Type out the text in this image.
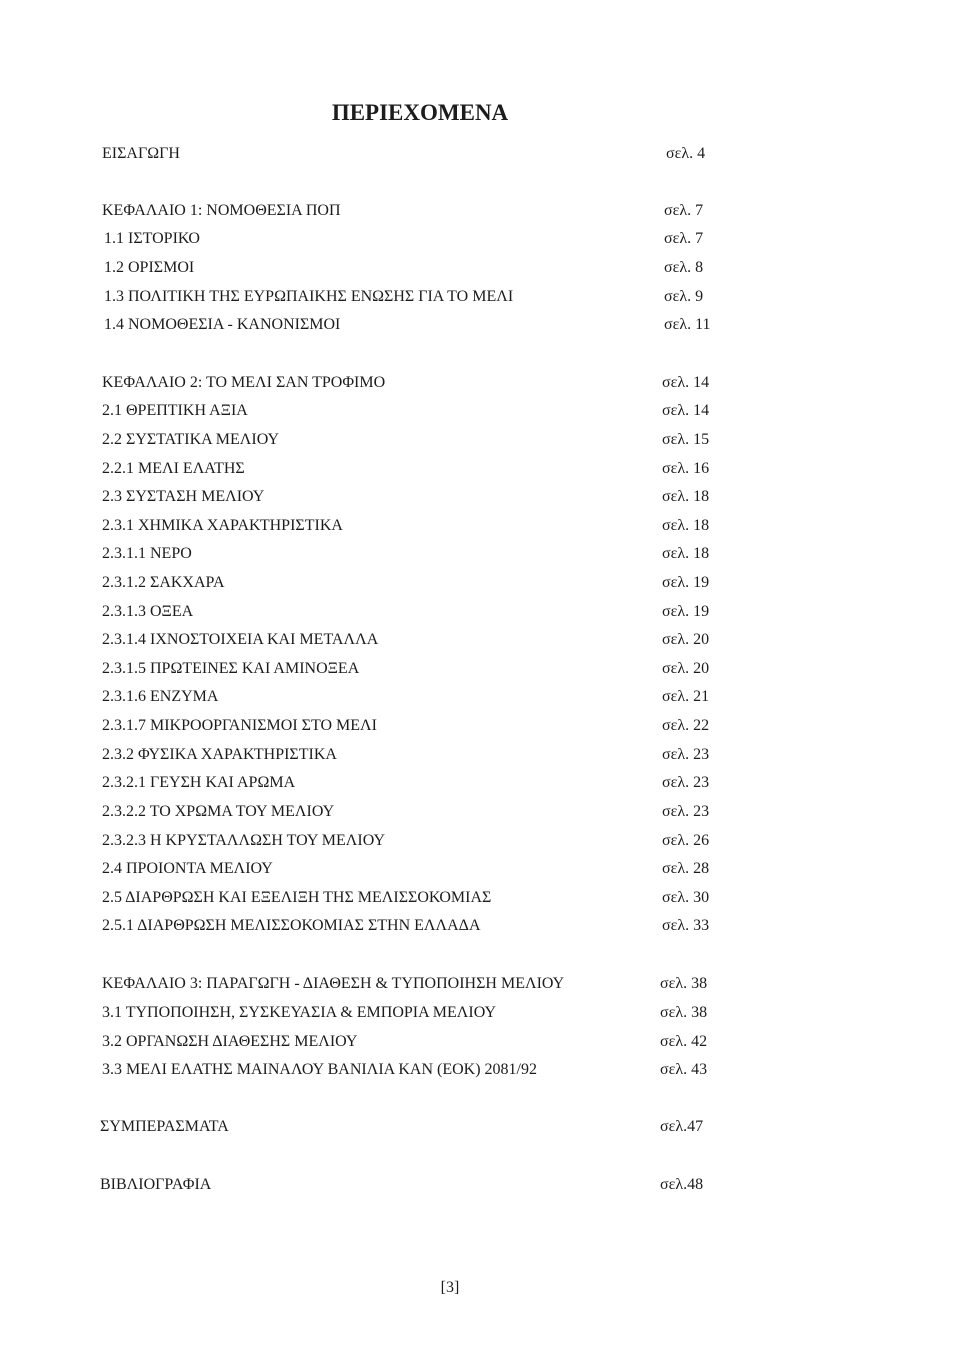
ΠΕΡΙΕΧΟΜΕΝΑ
ΕΙΣΑΓΩΓΗ	σελ. 4
ΚΕΦΑΛΑΙΟ 1: ΝΟΜΟΘΕΣΙΑ ΠΟΠ	σελ. 7
1.1 ΙΣΤΟΡΙΚΟ	σελ. 7
1.2 ΟΡΙΣΜΟΙ	σελ. 8
1.3 ΠΟΛΙΤΙΚΗ ΤΗΣ ΕΥΡΩΠΑΙΚΗΣ ΕΝΩΣΗΣ ΓΙΑ ΤΟ ΜΕΛΙ	σελ. 9
1.4 ΝΟΜΟΘΕΣΙΑ - ΚΑΝΟΝΙΣΜΟΙ	σελ. 11
ΚΕΦΑΛΑΙΟ 2: ΤΟ ΜΕΛΙ ΣΑΝ ΤΡΟΦΙΜΟ	σελ. 14
2.1 ΘΡΕΠΤΙΚΗ ΑΞΙΑ	σελ. 14
2.2 ΣΥΣΤΑΤΙΚΑ ΜΕΛΙΟΥ	σελ. 15
2.2.1 ΜΕΛΙ ΕΛΑΤΗΣ	σελ. 16
2.3 ΣΥΣΤΑΣΗ ΜΕΛΙΟΥ	σελ. 18
2.3.1 ΧΗΜΙΚΑ ΧΑΡΑΚΤΗΡΙΣΤΙΚΑ	σελ. 18
2.3.1.1 ΝΕΡΟ	σελ. 18
2.3.1.2 ΣΑΚΧΑΡΑ	σελ. 19
2.3.1.3 ΟΞΕΑ	σελ. 19
2.3.1.4 ΙΧΝΟΣΤΟΙΧΕΙΑ ΚΑΙ ΜΕΤΑΛΛΑ	σελ. 20
2.3.1.5 ΠΡΩΤΕΙΝΕΣ ΚΑΙ ΑΜΙΝΟΞΕΑ	σελ. 20
2.3.1.6 ΕΝΖΥΜΑ	σελ. 21
2.3.1.7 ΜΙΚΡΟΟΡΓΑΝΙΣΜΟΙ ΣΤΟ ΜΕΛΙ	σελ. 22
2.3.2 ΦΥΣΙΚΑ ΧΑΡΑΚΤΗΡΙΣΤΙΚΑ	σελ. 23
2.3.2.1 ΓΕΥΣΗ ΚΑΙ ΑΡΩΜΑ	σελ. 23
2.3.2.2 ΤΟ ΧΡΩΜΑ ΤΟΥ ΜΕΛΙΟΥ	σελ. 23
2.3.2.3 Η ΚΡΥΣΤΑΛΛΩΣΗ ΤΟΥ ΜΕΛΙΟΥ	σελ. 26
2.4 ΠΡΟΙΟΝΤΑ ΜΕΛΙΟΥ	σελ. 28
2.5 ΔΙΑΡΘΡΩΣΗ ΚΑΙ ΕΞΕΛΙΞΗ ΤΗΣ ΜΕΛΙΣΣΟΚΟΜΙΑΣ	σελ. 30
2.5.1 ΔΙΑΡΘΡΩΣΗ ΜΕΛΙΣΣΟΚΟΜΙΑΣ ΣΤΗΝ ΕΛΛΑΔΑ	σελ. 33
ΚΕΦΑΛΑΙΟ 3: ΠΑΡΑΓΩΓΗ - ΔΙΑΘΕΣΗ & ΤΥΠΟΠΟΙΗΣΗ ΜΕΛΙΟΥ	σελ. 38
3.1 ΤΥΠΟΠΟΙΗΣΗ, ΣΥΣΚΕΥΑΣΙΑ & ΕΜΠΟΡΙΑ ΜΕΛΙΟΥ	σελ. 38
3.2 ΟΡΓΑΝΩΣΗ ΔΙΑΘΕΣΗΣ ΜΕΛΙΟΥ	σελ. 42
3.3 ΜΕΛΙ ΕΛΑΤΗΣ ΜΑΙΝΑΛΟΥ ΒΑΝΙΛΙΑ ΚΑΝ (ΕΟΚ) 2081/92	σελ. 43
ΣΥΜΠΕΡΑΣΜΑΤΑ	σελ.47
ΒΙΒΛΙΟΓΡΑΦΙΑ	σελ.48
[3]
